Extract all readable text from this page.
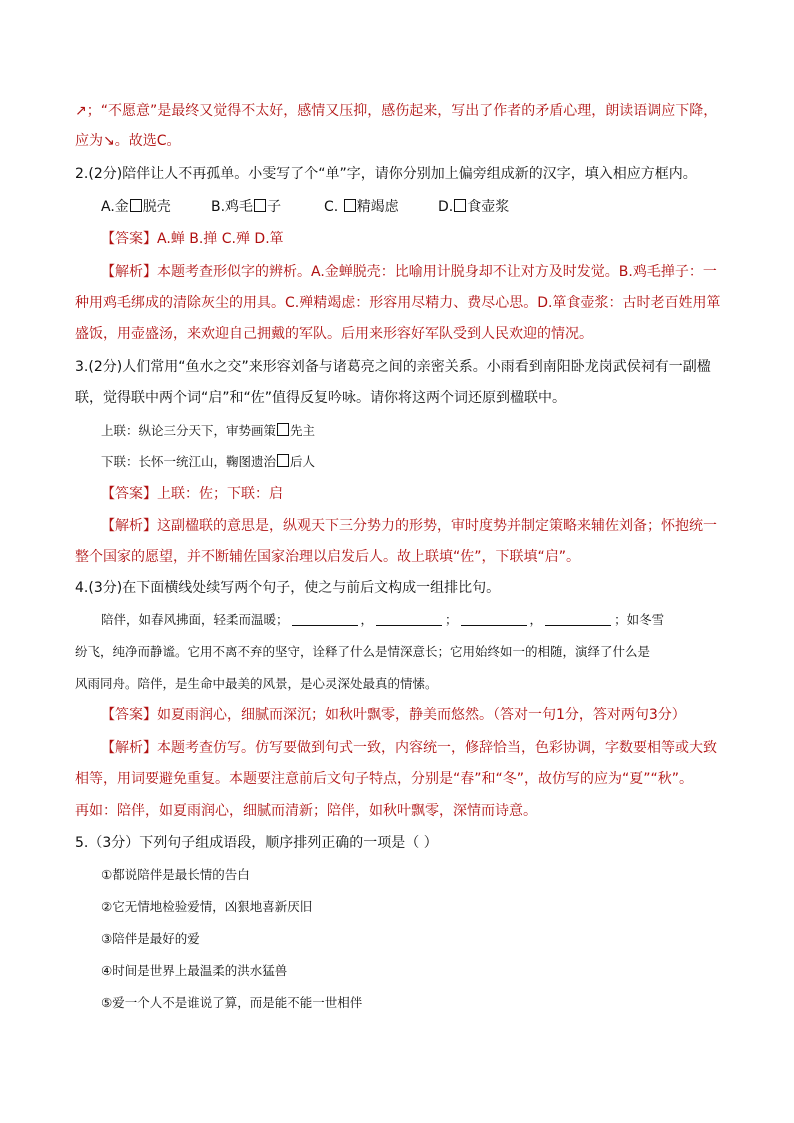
↗；“不愿意”是最终又觉得不太好，感情又压抑，感伤起来，写出了作者的矛盾心理，朗读语调应下降，
应为↘。故选C。
2.(2分)陪伴让人不再孤单。小雯写了个“单”字，请你分别加上偏旁组成新的汉字，填入相应方框内。
A.金 脱壳	B.鸡毛 子	C. 精竭虑	D. 食壶浆
【答案】A.蝉 B.掸 C.殚 D.箪
【解析】本题考查形似字的辨析。A.金蝉脱壳：比喻用计脱身却不让对方及时发觉。B.鸡毛掸子：一
种用鸡毛绑成的清除灰尘的用具。C.殚精竭虑：形容用尽精力、费尽心思。D.箪食壶浆：古时老百姓用箪
盛饭，用壶盛汤，来欢迎自己拥戴的军队。后用来形容好军队受到人民欢迎的情况。
3.(2分)人们常用“鱼水之交”来形容刘备与诸葛亮之间的亲密关系。小雨看到南阳卧龙岗武侯祠有一副楹
联，觉得联中两个词“启”和“佐”值得反复吟咏。请你将这两个词还原到楹联中。
上联：纵论三分天下，审势画策 先主
下联：长怀一统江山，鞠图遗治 后人
【答案】上联：佐；下联：启
【解析】这副楹联的意思是，纵观天下三分势力的形势，审时度势并制定策略来辅佐刘备；怀抱统一
整个国家的愿望，并不断辅佐国家治理以启发后人。故上联填“佐”，下联填“启”。
4.(3分)在下面横线处续写两个句子，使之与前后文构成一组排比句。
陪伴，如春风拂面，轻柔而温暖；	，	；	，	；如冬雪
纷飞，纯净而静谧。它用不离不弃的坚守，诠释了什么是情深意长；它用始终如一的相随，演绎了什么是
风雨同舟。陪伴，是生命中最美的风景，是心灵深处最真的情愫。
【答案】如夏雨润心，细腻而深沉；如秋叶飘零，静美而悠然。（答对一句1分，答对两句3分）
【解析】本题考查仿写。仿写要做到句式一致，内容统一，修辞恰当，色彩协调，字数要相等或大致
相等，用词要避免重复。本题要注意前后文句子特点，分别是“春”和“冬”，故仿写的应为“夏”“秋”。
再如：陪伴，如夏雨润心，细腻而清新；陪伴，如秋叶飘零，深情而诗意。
5.（3分）下列句子组成语段，顺序排列正确的一项是（ ）
①都说陪伴是最长情的告白
②它无情地检验爱情，凶狠地喜新厌旧
③陪伴是最好的爱
④时间是世界上最温柔的洪水猛兽
⑤爱一个人不是谁说了算，而是能不能一世相伴
